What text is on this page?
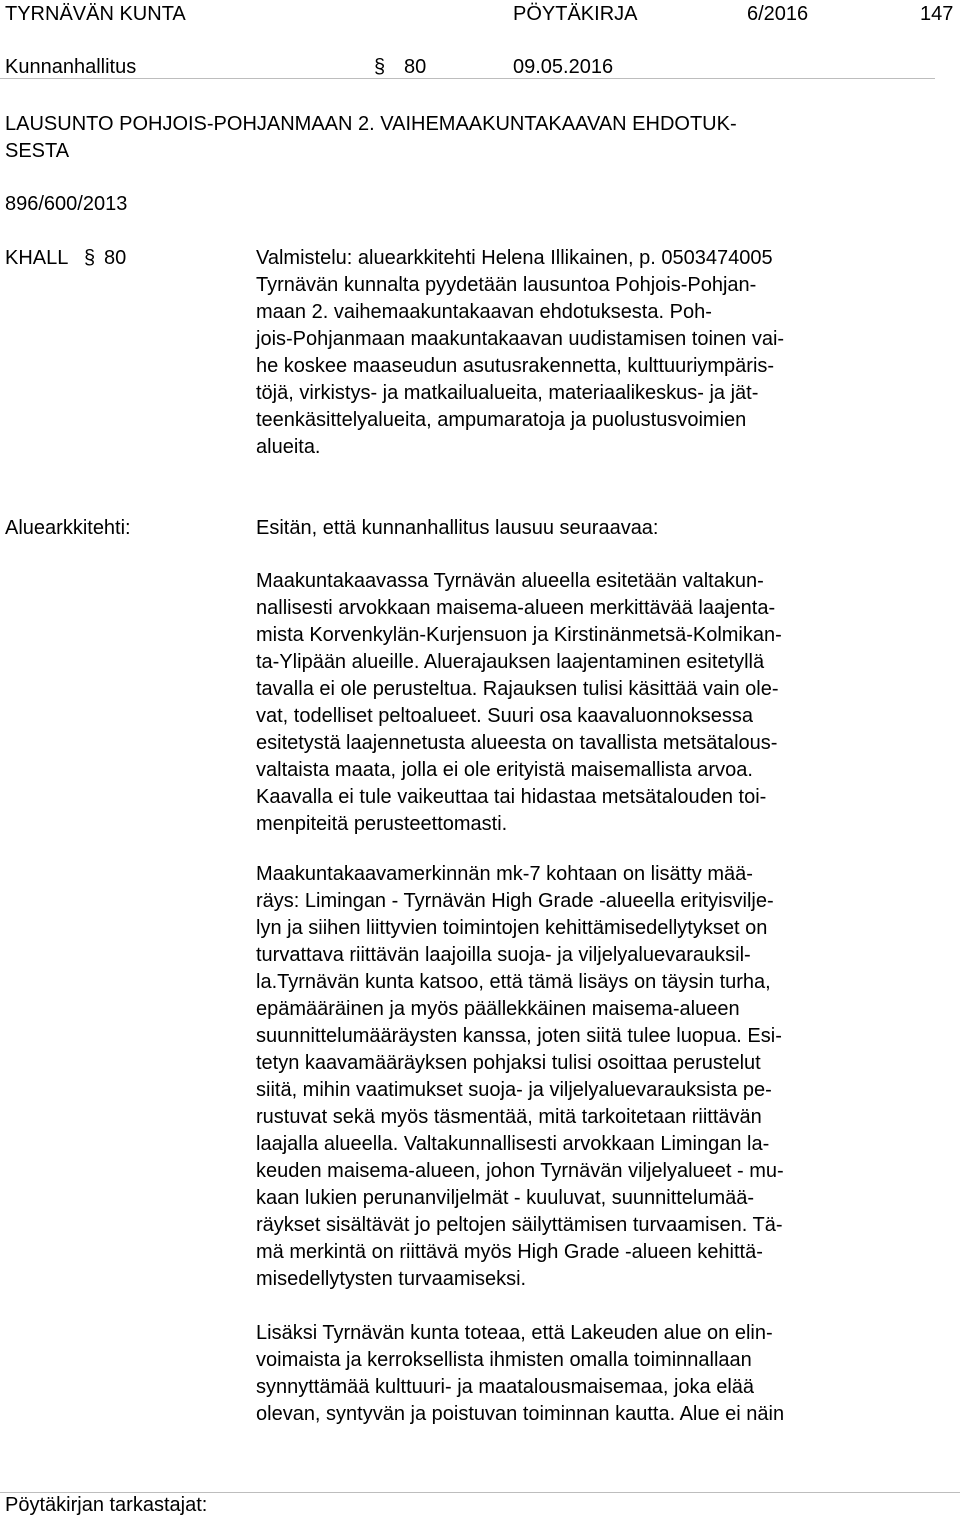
TYRNÄVÄN KUNTA	PÖYTÄKIRJA	6/2016	147
Kunnanhallitus	§ 80	09.05.2016
LAUSUNTO POHJOIS-POHJANMAAN 2. VAIHEMAAKUNTAKAAVAN EHDOTUK-
SESTA
896/600/2013
KHALL § 80	Valmistelu: aluearkkitehti Helena Illikainen, p. 0503474005
Tyrnävän kunnalta pyydetään lausuntoa Pohjois-Pohjan-
maan 2. vaihemaakuntakaavan ehdotuksesta. Poh-
jois-Pohjanmaan maakuntakaavan uudistamisen toinen vai-
he koskee maaseudun asutusrakennetta, kulttuuriympäris-
töjä, virkistys- ja matkailualueita, materiaalikeskus- ja jät-
teenkäsittelyalueita, ampumaratoja ja puolustusvoimien
alueita.
Aluearkkitehti:	Esitän, että kunnanhallitus lausuu seuraavaa:
Maakuntakaavassa Tyrnävän alueella esitetään valtakun-
nallisesti arvokkaan maisema-alueen merkittävää laajenta-
mista Korvenkylän-Kurjensuon ja Kirstinänmetsä-Kolmikan-
ta-Ylipään alueille. Aluerajauksen laajentaminen esitetyllä
tavalla ei ole perusteltua. Rajauksen tulisi käsittää vain ole-
vat, todelliset peltoalueet. Suuri osa kaavaluonnoksessa
esitetystä laajennetusta alueesta on tavallista metsätalous-
valtaista maata, jolla ei ole erityistä maisemallista arvoa.
Kaavalla ei tule vaikeuttaa tai hidastaa metsätalouden toi-
menpiteitä perusteettomasti.
Maakuntakaavamerkinnän mk-7 kohtaan on lisätty mää-
räys: Limingan - Tyrnävän High Grade -alueella erityisvilje-
lyn ja siihen liittyvien toimintojen kehittämisedellytykset on
turvattava riittävän laajoilla suoja- ja viljelyaluevarauksil-
la.Tyrnävän kunta katsoo, että tämä lisäys on täysin turha,
epämääräinen ja myös päällekkäinen maisema-alueen
suunnittelumääräysten kanssa, joten siitä tulee luopua. Esi-
tetyn kaavamääräyksen pohjaksi tulisi osoittaa perustelut
siitä, mihin vaatimukset suoja- ja viljelyaluevarauksista pe-
rustuvat sekä myös täsmentää, mitä tarkoitetaan riittävän
laajalla alueella. Valtakunnallisesti arvokkaan Limingan la-
keuden maisema-alueen, johon Tyrnävän viljelyalueet - mu-
kaan lukien perunanviljelmät - kuuluvat, suunnittelumää-
räykset sisältävät jo peltojen säilyttämisen turvaamisen. Tä-
mä merkintä on riittävä myös High Grade -alueen kehittä-
misedellytysten turvaamiseksi.
Lisäksi Tyrnävän kunta toteaa, että Lakeuden alue on elin-
voimaista ja kerroksellista ihmisten omalla toiminnallaan
synnyttämää kulttuuri- ja maatalousmaisemaa, joka elää
olevan, syntyvän ja poistuvan toiminnan kautta. Alue ei näin
Pöytäkirjan tarkastajat:
